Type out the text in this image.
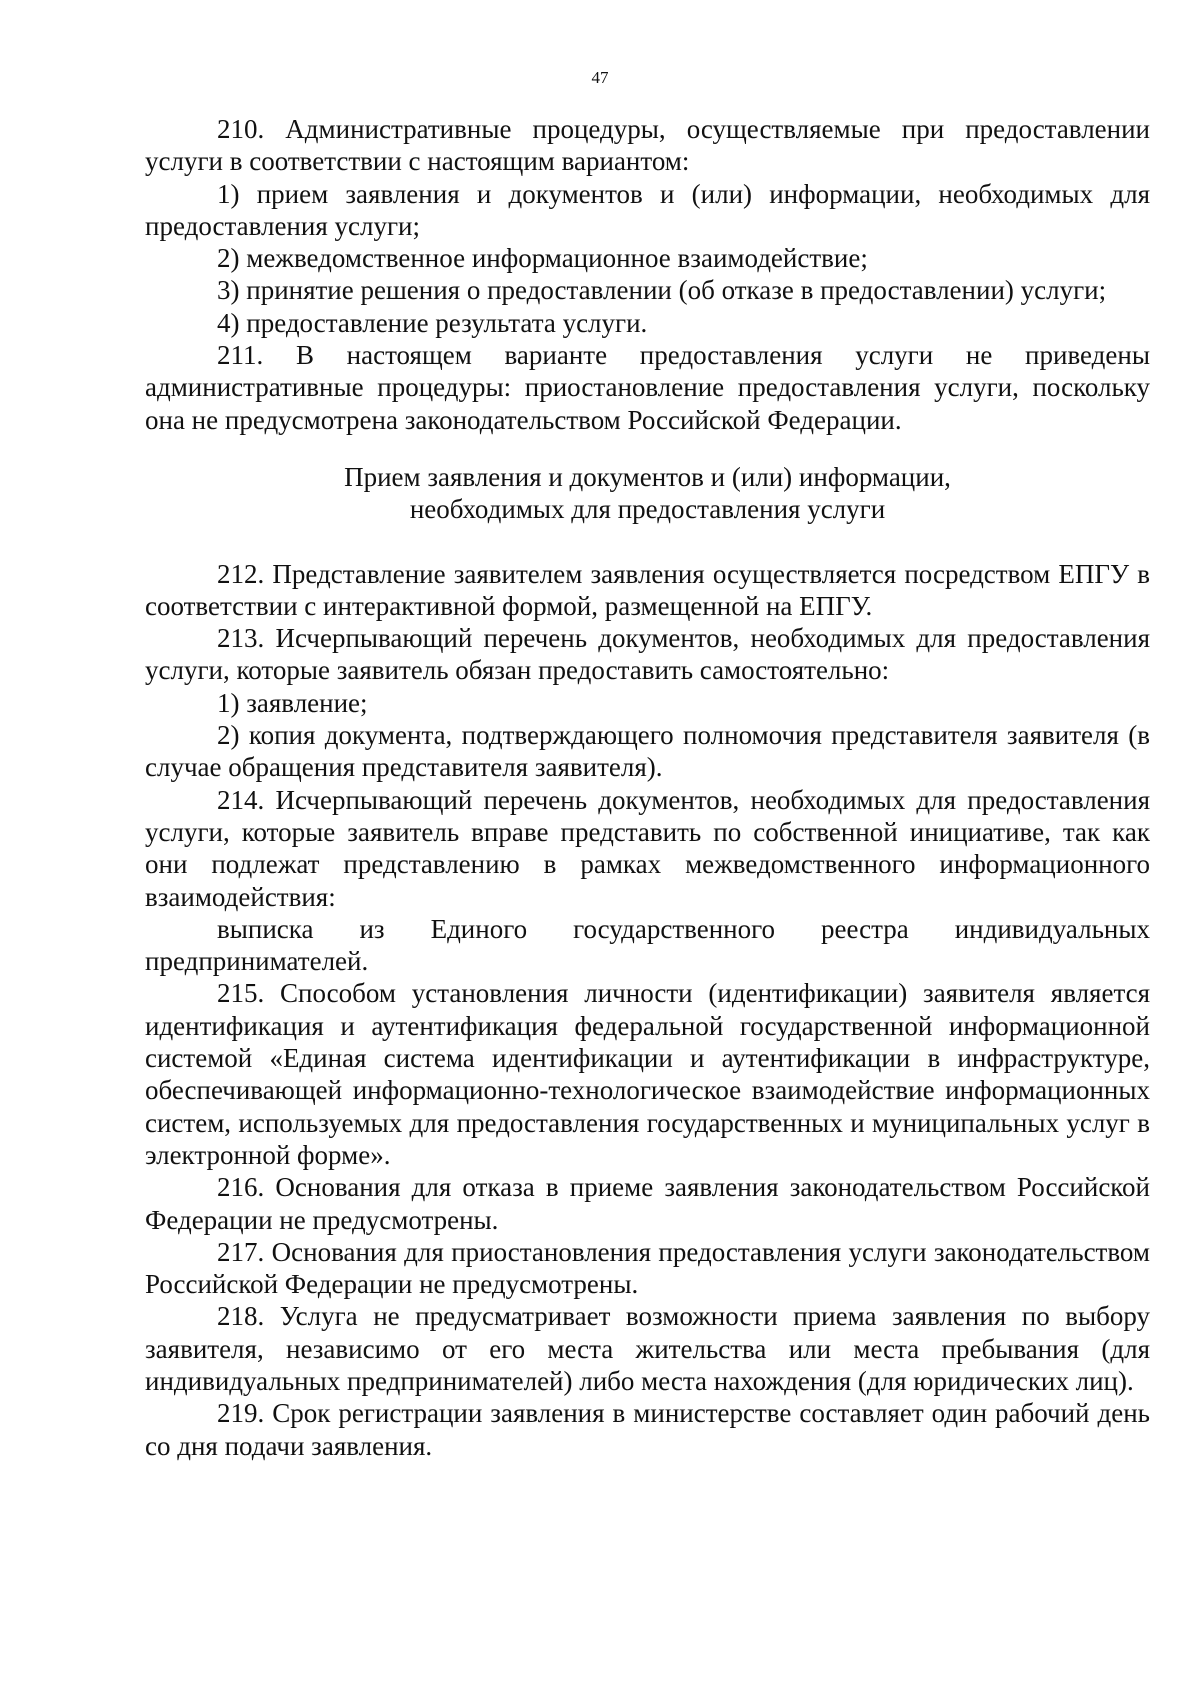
47

210. Административные процедуры, осуществляемые при предоставлении услуги в соответствии с настоящим вариантом:

1) прием заявления и документов и (или) информации, необходимых для предоставления услуги;

2) межведомственное информационное взаимодействие;

3) принятие решения о предоставлении (об отказе в предоставлении) услуги;

4) предоставление результата услуги.

211. В настоящем варианте предоставления услуги не приведены административные процедуры: приостановление предоставления услуги, поскольку она не предусмотрена законодательством Российской Федерации.

Прием заявления и документов и (или) информации,
необходимых для предоставления услуги

212. Представление заявителем заявления осуществляется посредством ЕПГУ в соответствии с интерактивной формой, размещенной на ЕПГУ.

213. Исчерпывающий перечень документов, необходимых для предоставления услуги, которые заявитель обязан предоставить самостоятельно:

1) заявление;

2) копия документа, подтверждающего полномочия представителя заявителя (в случае обращения представителя заявителя).

214. Исчерпывающий перечень документов, необходимых для предоставления услуги, которые заявитель вправе представить по собственной инициативе, так как они подлежат представлению в рамках межведомственного информационного взаимодействия:

выписка из Единого государственного реестра индивидуальных предпринимателей.

215. Способом установления личности (идентификации) заявителя является идентификация и аутентификация федеральной государственной информационной системой «Единая система идентификации и аутентификации в инфраструктуре, обеспечивающей информационно-технологическое взаимодействие информационных систем, используемых для предоставления государственных и муниципальных услуг в электронной форме».

216. Основания для отказа в приеме заявления законодательством Российской Федерации не предусмотрены.

217. Основания для приостановления предоставления услуги законодательством Российской Федерации не предусмотрены.

218. Услуга не предусматривает возможности приема заявления по выбору заявителя, независимо от его места жительства или места пребывания (для индивидуальных предпринимателей) либо места нахождения (для юридических лиц).

219. Срок регистрации заявления в министерстве составляет один рабочий день со дня подачи заявления.
